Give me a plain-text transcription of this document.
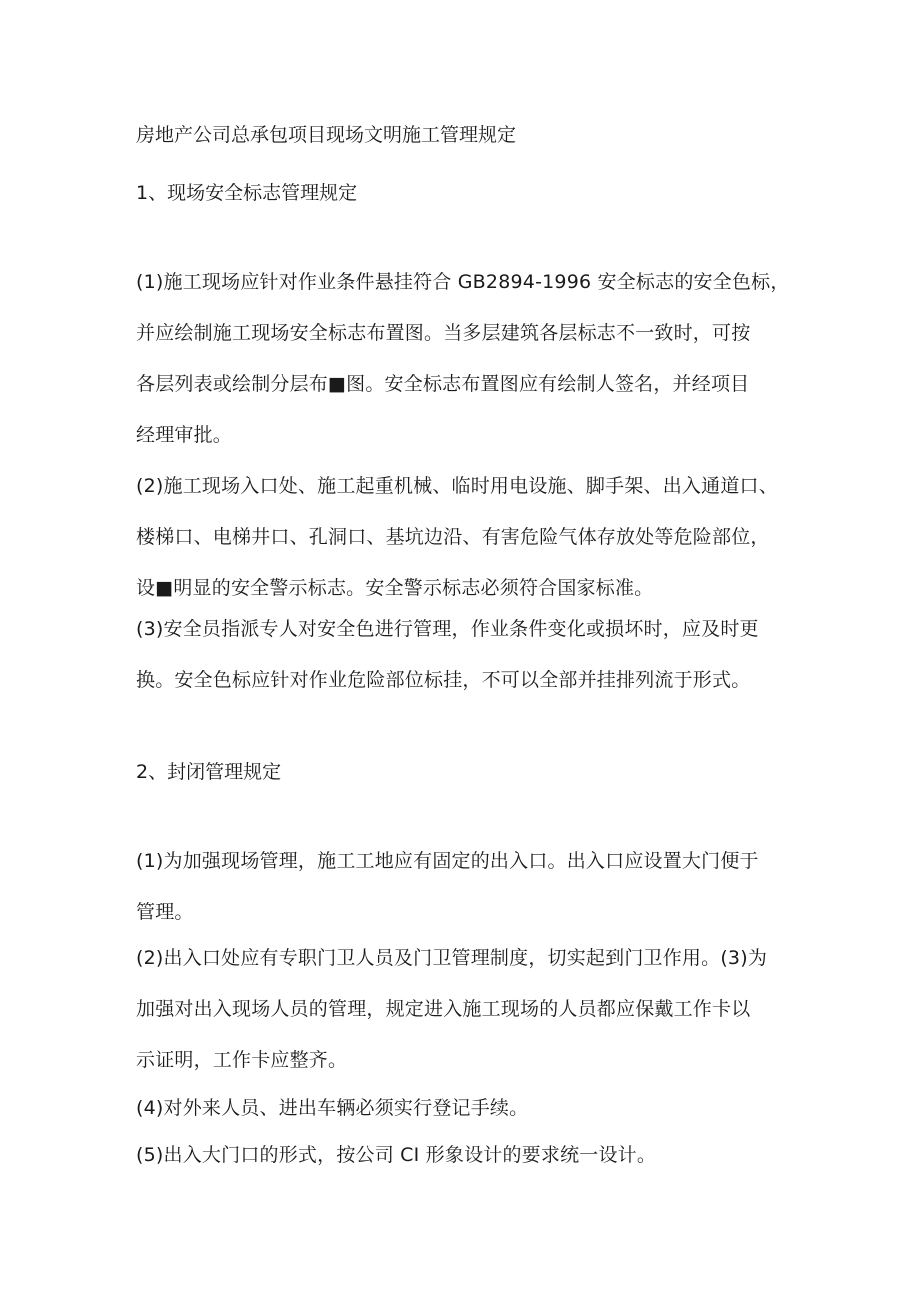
房地产公司总承包项目现场文明施工管理规定
1、现场安全标志管理规定
(1)施工现场应针对作业条件悬挂符合 GB2894-1996 安全标志的安全色标，
并应绘制施工现场安全标志布置图。当多层建筑各层标志不一致时，可按
各层列表或绘制分层布■图。安全标志布置图应有绘制人签名，并经项目
经理审批。
(2)施工现场入口处、施工起重机械、临时用电设施、脚手架、出入通道口、
楼梯口、电梯井口、孔洞口、基坑边沿、有害危险气体存放处等危险部位，
设■明显的安全警示标志。安全警示标志必须符合国家标准。
(3)安全员指派专人对安全色进行管理，作业条件变化或损坏时，应及时更
换。安全色标应针对作业危险部位标挂，不可以全部并挂排列流于形式。
2、封闭管理规定
(1)为加强现场管理，施工工地应有固定的出入口。出入口应设置大门便于
管理。
(2)出入口处应有专职门卫人员及门卫管理制度，切实起到门卫作用。(3)为
加强对出入现场人员的管理，规定进入施工现场的人员都应保戴工作卡以
示证明，工作卡应整齐。
(4)对外来人员、进出车辆必须实行登记手续。
(5)出入大门口的形式，按公司 CI 形象设计的要求统一设计。
